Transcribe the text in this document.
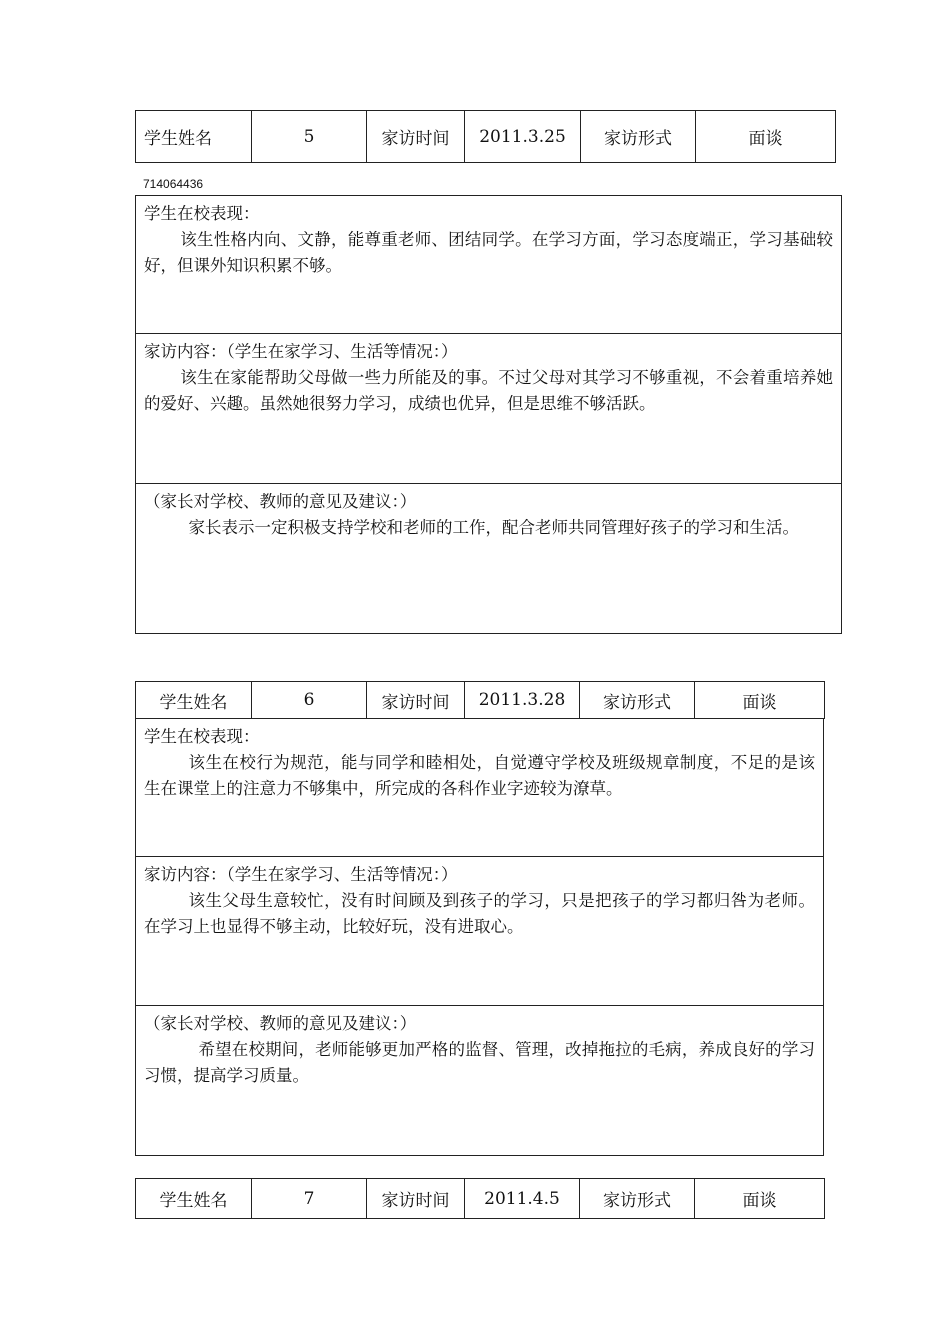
学生姓名	5	家访时间	2011.3.25	家访形式	面谈
714064436
学生在校表现：
该生性格内向、文静，能尊重老师、团结同学。在学习方面，学习态度端正，学习基础较好，但课外知识积累不够。
家访内容：（学生在家学习、生活等情况：）
该生在家能帮助父母做一些力所能及的事。不过父母对其学习不够重视，不会着重培养她的爱好、兴趣。虽然她很努力学习，成绩也优异，但是思维不够活跃。
（家长对学校、教师的意见及建议：）
家长表示一定积极支持学校和老师的工作，配合老师共同管理好孩子的学习和生活。
学生姓名	6	家访时间	2011.3.28	家访形式	面谈
学生在校表现：
该生在校行为规范，能与同学和睦相处，自觉遵守学校及班级规章制度，不足的是该生在课堂上的注意力不够集中，所完成的各科作业字迹较为潦草。
家访内容：（学生在家学习、生活等情况：）
该生父母生意较忙，没有时间顾及到孩子的学习，只是把孩子的学习都归咎为老师。在学习上也显得不够主动，比较好玩，没有进取心。
（家长对学校、教师的意见及建议：）
希望在校期间，老师能够更加严格的监督、管理，改掉拖拉的毛病，养成良好的学习习惯，提高学习质量。
学生姓名	7	家访时间	2011.4.5	家访形式	面谈
